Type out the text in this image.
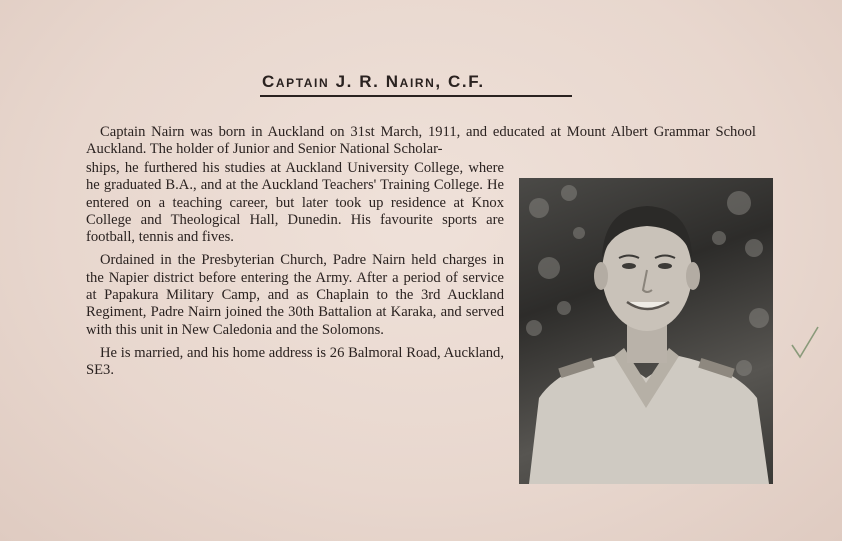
Captain J. R. Nairn, C.F.
Captain Nairn was born in Auckland on 31st March, 1911, and educated at Mount Albert Grammar School Auckland. The holder of Junior and Senior National Scholar-

ships, he furthered his studies at Auckland University College, where he graduated B.A., and at the Auckland Teachers' Training College. He entered on a teaching career, but later took up residence at Knox College and Theological Hall, Dunedin. His favourite sports are football, tennis and fives.

Ordained in the Presbyterian Church, Padre Nairn held charges in the Napier district before entering the Army. After a period of service at Papakura Military Camp, and as Chaplain to the 3rd Auckland Regiment, Padre Nairn joined the 30th Battalion at Karaka, and served with this unit in New Caledonia and the Solomons.

He is married, and his home address is 26 Balmoral Road, Auckland, SE3.
